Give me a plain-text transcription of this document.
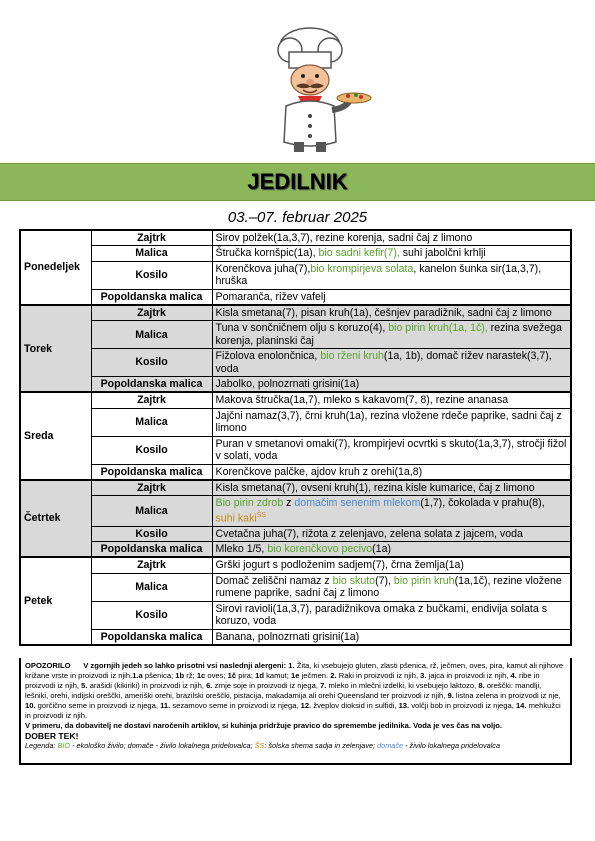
JEDILNIK
03.–07. februar 2025
Ponedeljek	Zajtrk	Sirov polžek(1a,3,7), rezine korenja, sadni čaj z limono
	Malica	Štručka kornšpic(1a), bio sadni kefir(7), suhi jabolčni krhlji
	Kosilo	Korenčkova juha(7),bio krompirjeva solata, kanelon šunka sir(1a,3,7), hruška
	Popoldanska malica	Pomaranča, rižev vafelj
Torek	Zajtrk	Kisla smetana(7), pisan kruh(1a), češnjev paradižnik, sadni čaj z limono
	Malica	Tuna v sončničnem olju s koruzo(4), bio pirin kruh(1a, 1č), rezina svežega korenja, planinski čaj
	Kosilo	Fižolova enolončnica, bio rženi kruh(1a, 1b), domač rižev narastek(3,7), voda
	Popoldanska malica	Jabolko, polnozrnati grisini(1a)
Sreda	Zajtrk	Makova štručka(1a,7), mleko s kakavom(7, 8), rezine ananasa
	Malica	Jajčni namaz(3,7), črni kruh(1a), rezina vložene rdeče paprike, sadni čaj z limono
	Kosilo	Puran v smetanovi omaki(7), krompirjevi ocvrtki s skuto(1a,3,7), stročji fižol v solati, voda
	Popoldanska malica	Korenčkove palčke, ajdov kruh z orehi(1a,8)
Četrtek	Zajtrk	Kisla smetana(7), ovseni kruh(1), rezina kisle kumarice, čaj z limono
	Malica	Bio pirin zdrob z domačim senenim mlekom(1,7), čokolada v prahu(8), suhi kaki$^{ŠS}$
	Kosilo	Cvetačna juha(7), rižota z zelenjavo, zelena solata z jajcem, voda
	Popoldanska malica	Mleko 1/5, bio korenčkovo pecivo(1a)
Petek	Zajtrk	Grški jogurt s podloženim sadjem(7), črna žemlja(1a)
	Malica	Domač zeliščni namaz z bio skuto(7), bio pirin kruh(1a,1č), rezine vložene rumene paprike, sadni čaj z limono
	Kosilo	Sirovi ravioli(1a,3,7), paradižnikova omaka z bučkami, endivija solata s koruzo, voda
	Popoldanska malica	Banana, polnozrnati grisini(1a)
OPOZORILO V zgornjih jedeh so lahko prisotni vsi naslednji alergeni: 1. Žita, ki vsebujejo gluten, zlasti pšenica, rž, ječmen, oves, pira, kamut ali njihove križane vrste in proizvodi iz njih.1.a pšenica; 1b rž; 1c oves; 1č pira; 1d kamut; 1e ječmen. 2. Raki in proizvodi iz njih, 3. jajca in proizvodi iz njih, 4. ribe in proizvodi iz njih, 5. arašidi (kikiriki) in proizvodi iz njih, 6. zrnje soje in proizvodi iz njega, 7. mleko in mlečni izdelki, ki vsebujejo laktozo, 8. oreščki: mandlji, lešniki, orehi, indijski oreščki, ameriški orehi, brazilski oreščki, pistacija, makadamija ali orehi Queensland ter proizvodi iz njih, 9. listna zelena in proizvodi iz nje, 10. gorčično seme in proizvodi iz njega, 11. sezamovo seme in proizvodi iz njega, 12. žveplov dioksid in sulfidi, 13. volčji bob in proizvodi iz njega, 14. mehkužci in proizvodi iz njih.
V primeru, da dobavitelj ne dostavi naročenih artiklov, si kuhinja pridržuje pravico do spremembe jedilnika. Voda je ves čas na voljo.
DOBER TEK!
Legenda: BIO - ekološko živilo; domače - živilo lokalnega pridelovalca; ŠS: šolska shema sadja in zelenjave; domače - živilo lokalnega pridelovalca
